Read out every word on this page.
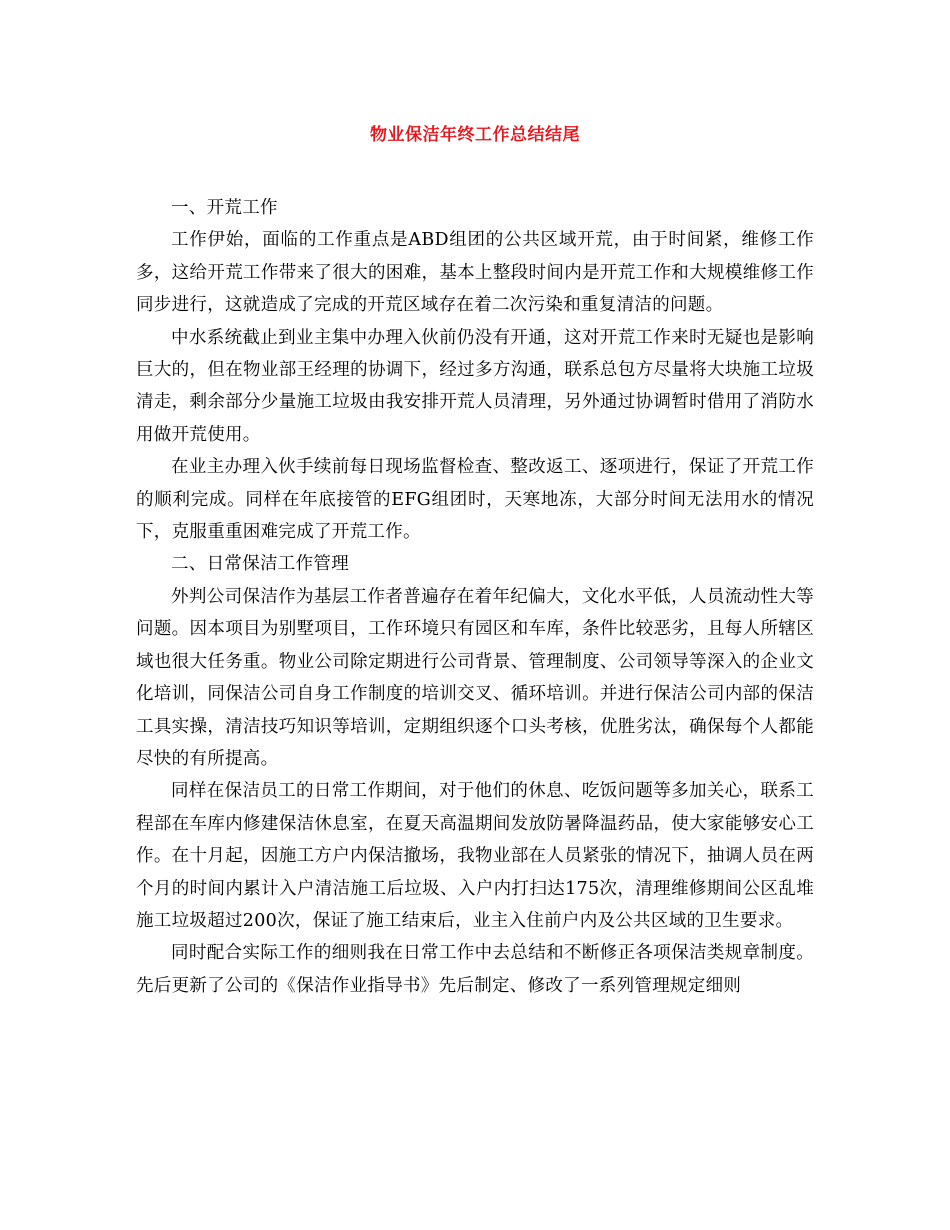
物业保洁年终工作总结结尾
一、开荒工作

工作伊始，面临的工作重点是ABD组团的公共区域开荒，由于时间紧，维修工作多，这给开荒工作带来了很大的困难，基本上整段时间内是开荒工作和大规模维修工作同步进行，这就造成了完成的开荒区域存在着二次污染和重复清洁的问题。

中水系统截止到业主集中办理入伙前仍没有开通，这对开荒工作来时无疑也是影响巨大的，但在物业部王经理的协调下，经过多方沟通，联系总包方尽量将大块施工垃圾清走，剩余部分少量施工垃圾由我安排开荒人员清理，另外通过协调暂时借用了消防水用做开荒使用。

在业主办理入伙手续前每日现场监督检查、整改返工、逐项进行，保证了开荒工作的顺利完成。同样在年底接管的EFG组团时，天寒地冻，大部分时间无法用水的情况下，克服重重困难完成了开荒工作。

二、日常保洁工作管理

外判公司保洁作为基层工作者普遍存在着年纪偏大，文化水平低，人员流动性大等问题。因本项目为别墅项目，工作环境只有园区和车库，条件比较恶劣，且每人所辖区域也很大任务重。物业公司除定期进行公司背景、管理制度、公司领导等深入的企业文化培训，同保洁公司自身工作制度的培训交叉、循环培训。并进行保洁公司内部的保洁工具实操，清洁技巧知识等培训，定期组织逐个口头考核，优胜劣汰，确保每个人都能尽快的有所提高。

同样在保洁员工的日常工作期间，对于他们的休息、吃饭问题等多加关心，联系工程部在车库内修建保洁休息室，在夏天高温期间发放防暑降温药品，使大家能够安心工作。在十月起，因施工方户内保洁撤场，我物业部在人员紧张的情况下，抽调人员在两个月的时间内累计入户清洁施工后垃圾、入户内打扫达175次，清理维修期间公区乱堆施工垃圾超过200次，保证了施工结束后，业主入住前户内及公共区域的卫生要求。

同时配合实际工作的细则我在日常工作中去总结和不断修正各项保洁类规章制度。先后更新了公司的《保洁作业指导书》先后制定、修改了一系列管理规定细则
